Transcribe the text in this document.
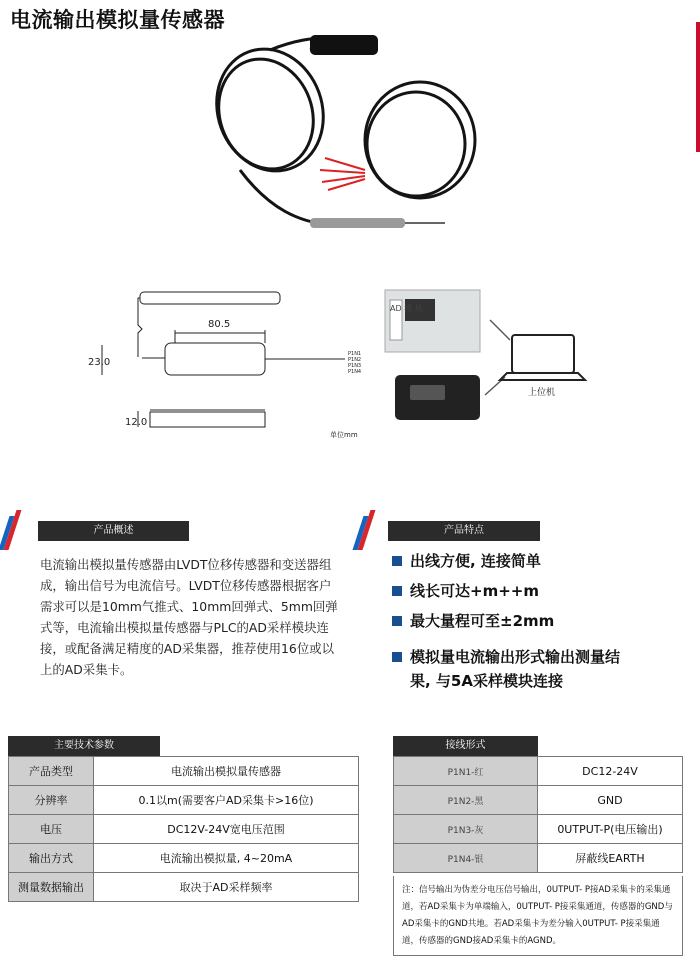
电流输出模拟量传感器
80.5
23.0
12.0
P1N1
P1N2
P1N3
P1N4
单位mm
AD 模 块
上位机
产品概述
电流输出模拟量传感器由LVDT位移传感器和变送器组成，输出信号为电流信号。LVDT位移传感器根据客户需求可以是10mm气推式、10mm回弹式、5mm回弹式等，电流输出模拟量传感器与PLC的AD采样模块连接，或配备满足精度的AD采集器，推荐使用16位或以上的AD采集卡。
产品特点
出线方便, 连接简单
线长可达+m++m
最大量程可至±2mm
模拟量电流输出形式输出测量结果, 与5A采样模块连接
主要技术参数
产品类型	电流输出模拟量传感器
分辨率	0.1以m(需要客户AD采集卡>16位)
电压	DC12V-24V宽电压范围
输出方式	电流输出模拟量, 4~20mA
测量数据输出	取决于AD采样频率
接线形式
P1N1-红	DC12-24V
P1N2-黑	GND
P1N3-灰	0UTPUT-P(电压输出)
P1N4-银	屏蔽线EARTH
注：信号输出为伪差分电压信号输出，0UTPUT- P接AD采集卡的采集通道，若AD采集卡为单端输入，0UTPUT- P接采集通道，传感器的GND与AD采集卡的GND共地。若AD采集卡为差分输入0UTPUT- P接采集通道，传感器的GND接AD采集卡的AGND。
